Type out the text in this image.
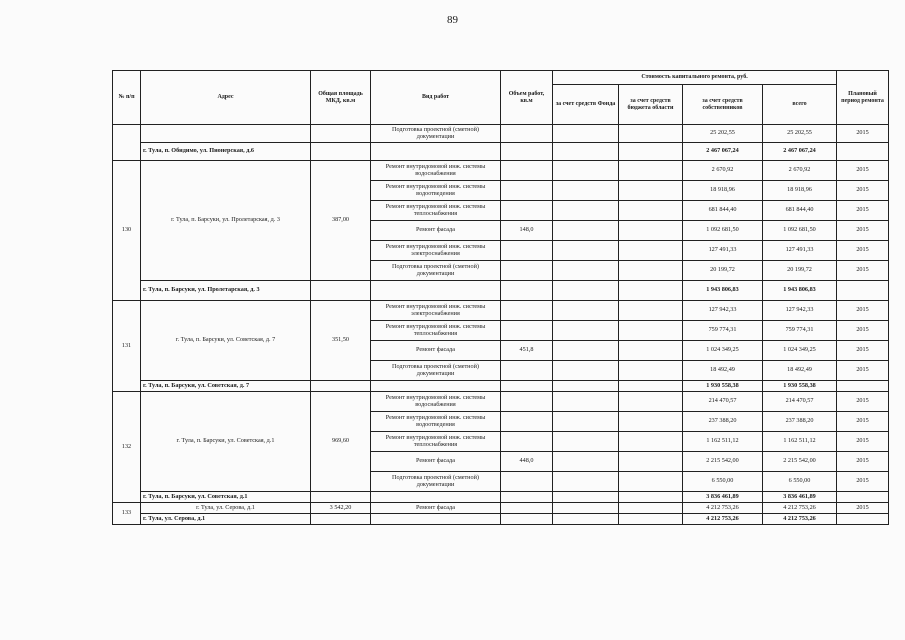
89
№ п/п	Адрес	Общая площадь МКД, кв.м	Вид работ	Объем работ, кв.м	Стоимость капитального ремонта, руб.				Плановый период ремонта
					за счет средств Фонда	за счет средств бюджета области	за счет средств собственников	всего	
			Подготовка проектной (сметной) документации				25 202,55	25 202,55	2015
	г. Тула, п. Обидимо, ул. Пионерская, д.6						2 467 067,24	2 467 067,24	
130	г. Тула, п. Барсуки, ул. Пролетарская, д. 3	387,00	Ремонт внутридомовой инж. системы водоснабжения				2 670,92	2 670,92	2015
			Ремонт внутридомовой инж. системы водоотведения				18 918,96	18 918,96	2015
			Ремонт внутридомовой инж. системы теплоснабжения				681 844,40	681 844,40	2015
			Ремонт фасада	148,0			1 092 681,50	1 092 681,50	2015
			Ремонт внутридомовой инж. системы электроснабжения				127 491,33	127 491,33	2015
			Подготовка проектной (сметной) документации				20 199,72	20 199,72	2015
	г. Тула, п. Барсуки, ул. Пролетарская, д. 3						1 943 806,83	1 943 806,83	
131	г. Тула, п. Барсуки, ул. Советская, д. 7	351,50	Ремонт внутридомовой инж. системы электроснабжения				127 942,33	127 942,33	2015
			Ремонт внутридомовой инж. системы теплоснабжения				759 774,31	759 774,31	2015
			Ремонт фасада	451,8			1 024 349,25	1 024 349,25	2015
			Подготовка проектной (сметной) документации				18 492,49	18 492,49	2015
	г. Тула, п. Барсуки, ул. Советская, д. 7						1 930 558,38	1 930 558,38	
132	г. Тула, п. Барсуки, ул. Советская, д.1	969,60	Ремонт внутридомовой инж. системы водоснабжения				214 470,57	214 470,57	2015
			Ремонт внутридомовой инж. системы водоотведения				237 388,20	237 388,20	2015
			Ремонт внутридомовой инж. системы теплоснабжения				1 162 511,12	1 162 511,12	2015
			Ремонт фасада	448,0			2 215 542,00	2 215 542,00	2015
			Подготовка проектной (сметной) документации				6 550,00	6 550,00	2015
	г. Тула, п. Барсуки, ул. Советская, д.1						3 836 461,89	3 836 461,89	
133	г. Тула, ул. Серова, д.1	3 542,20	Ремонт фасада				4 212 753,26	4 212 753,26	2015
	г. Тула, ул. Серова, д.1						4 212 753,26	4 212 753,26	
